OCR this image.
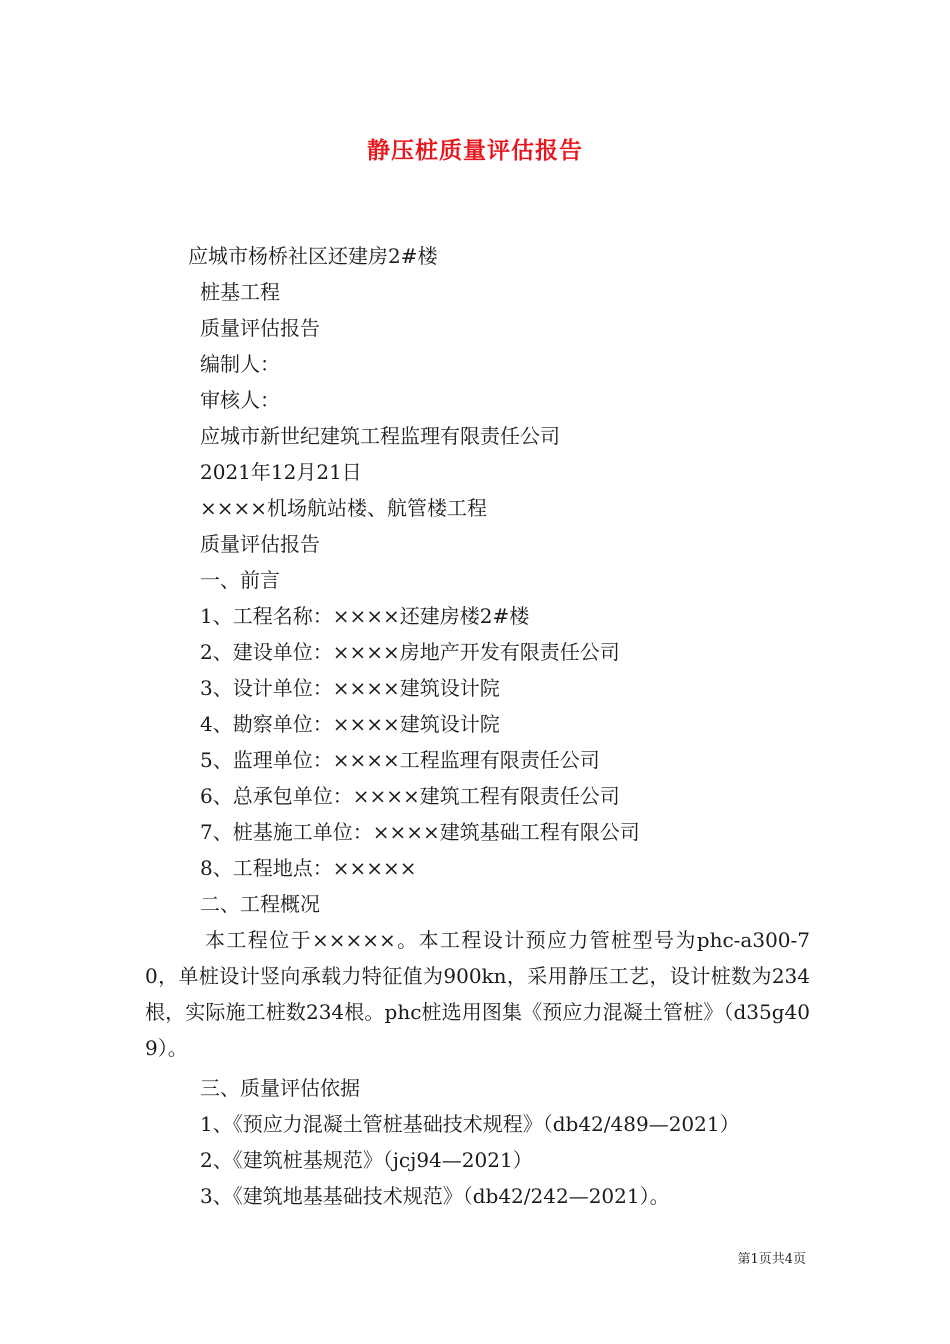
静压桩质量评估报告
应城市杨桥社区还建房2#楼
桩基工程
质量评估报告
编制人：
审核人：
应城市新世纪建筑工程监理有限责任公司
2021年12月21日
××××机场航站楼、航管楼工程
质量评估报告
一、前言
1、工程名称：××××还建房楼2#楼
2、建设单位：××××房地产开发有限责任公司
3、设计单位：××××建筑设计院
4、勘察单位：××××建筑设计院
5、监理单位：××××工程监理有限责任公司
6、总承包单位：××××建筑工程有限责任公司
7、桩基施工单位：××××建筑基础工程有限公司
8、工程地点：×××××
二、工程概况
本工程位于×××××。本工程设计预应力管桩型号为phc-a300-70，单桩设计竖向承载力特征值为900kn，采用静压工艺，设计桩数为234根，实际施工桩数234根。phc桩选用图集《预应力混凝土管桩》（d35g409）。
三、质量评估依据
1、《预应力混凝土管桩基础技术规程》（db42/489—2021）
2、《建筑桩基规范》（jcj94—2021）
3、《建筑地基基础技术规范》（db42/242—2021）。
第1页共4页
